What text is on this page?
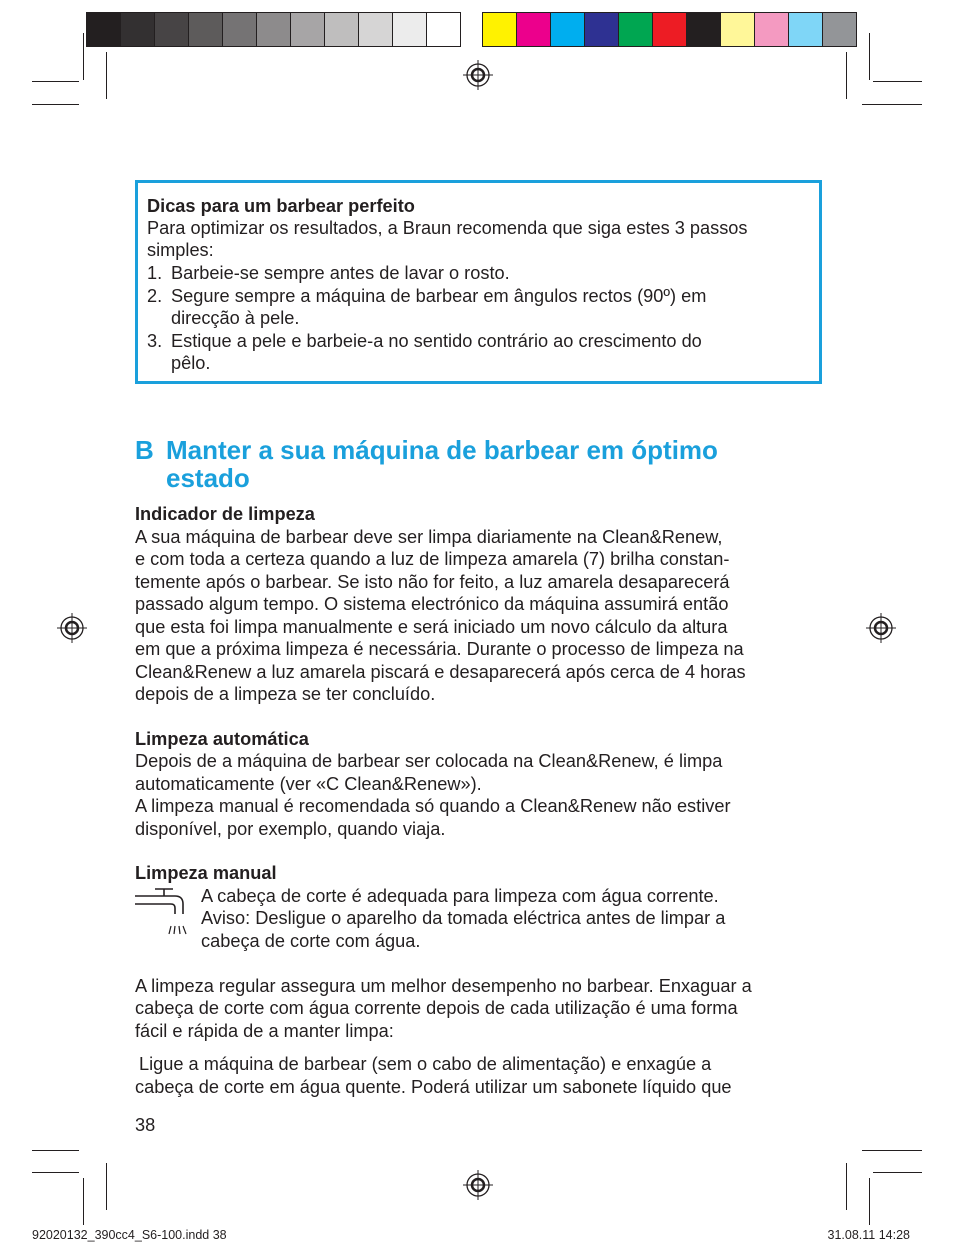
Dicas para um barbear perfeito
Para optimizar os resultados, a Braun recomenda que siga estes 3 passos
simples:
1. Barbeie-se sempre antes de lavar o rosto.
2. Segure sempre a máquina de barbear em ângulos rectos (90º) em
direcção à pele.
3. Estique a pele e barbeie-a no sentido contrário ao crescimento do
pêlo.
B Manter a sua máquina de barbear em óptimo
estado
Indicador de limpeza
A sua máquina de barbear deve ser limpa diariamente na Clean&Renew,
e com toda a certeza quando a luz de limpeza amarela (7) brilha constan-
temente após o barbear. Se isto não for feito, a luz amarela desaparecerá
passado algum tempo. O sistema electrónico da máquina assumirá então
que esta foi limpa manualmente e será iniciado um novo cálculo da altura
em que a próxima limpeza é necessária. Durante o processo de limpeza na
Clean&Renew a luz amarela piscará e desaparecerá após cerca de 4 horas
depois de a limpeza se ter concluído.
Limpeza automática
Depois de a máquina de barbear ser colocada na Clean&Renew, é limpa
automaticamente (ver «C Clean&Renew»).
A limpeza manual é recomendada só quando a Clean&Renew não estiver
disponível, por exemplo, quando viaja.
Limpeza manual
A cabeça de corte é adequada para limpeza com água corrente.
Aviso: Desligue o aparelho da tomada eléctrica antes de limpar a
cabeça de corte com água.
A limpeza regular assegura um melhor desempenho no barbear. Enxaguar a
cabeça de corte com água corrente depois de cada utilização é uma forma
fácil e rápida de a manter limpa:
Ligue a máquina de barbear (sem o cabo de alimentação) e enxagúe a
cabeça de corte em água quente. Poderá utilizar um sabonete líquido que
38
92020132_390cc4_S6-100.indd 38	31.08.11 14:28
